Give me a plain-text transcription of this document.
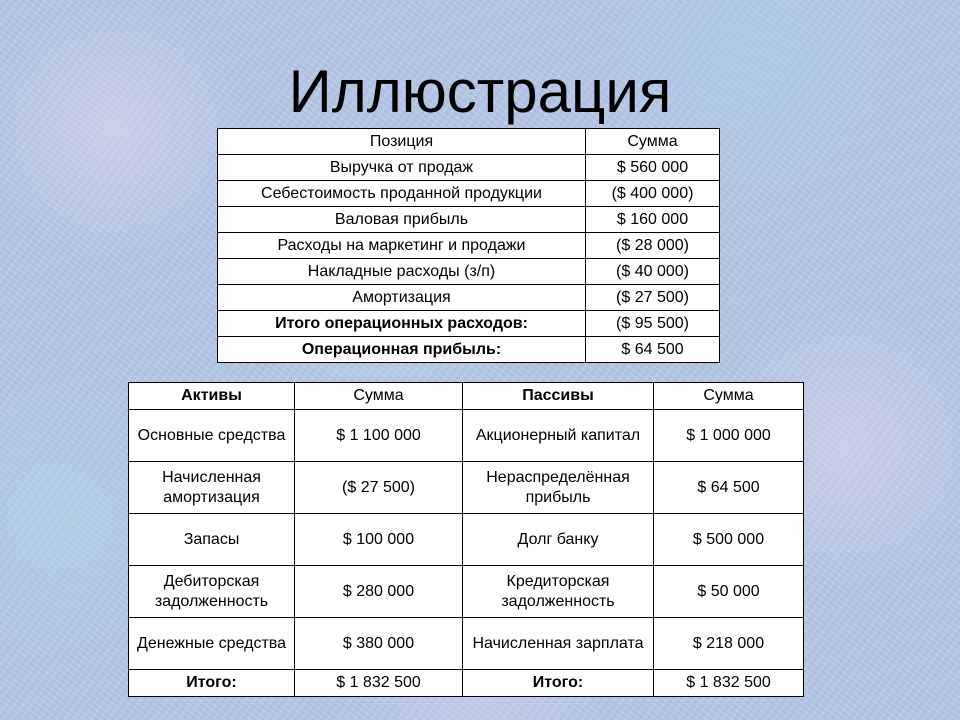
Иллюстрация
Позиция	Сумма
Выручка от продаж	$ 560 000
Себестоимость проданной продукции	($ 400 000)
Валовая прибыль	$ 160 000
Расходы на маркетинг и продажи	($ 28 000)
Накладные расходы (з/п)	($ 40 000)
Амортизация	($ 27 500)
Итого операционных расходов:	($ 95 500)
Операционная прибыль:	$ 64 500
Активы	Сумма	Пассивы	Сумма
Основные средства	$ 1 100 000	Акционерный капитал	$ 1 000 000
Начисленная амортизация	($ 27 500)	Нераспределённая прибыль	$ 64 500
Запасы	$ 100 000	Долг банку	$ 500 000
Дебиторская задолженность	$ 280 000	Кредиторская задолженность	$ 50 000
Денежные средства	$ 380 000	Начисленная зарплата	$ 218 000
Итого:	$ 1 832 500	Итого:	$ 1 832 500
